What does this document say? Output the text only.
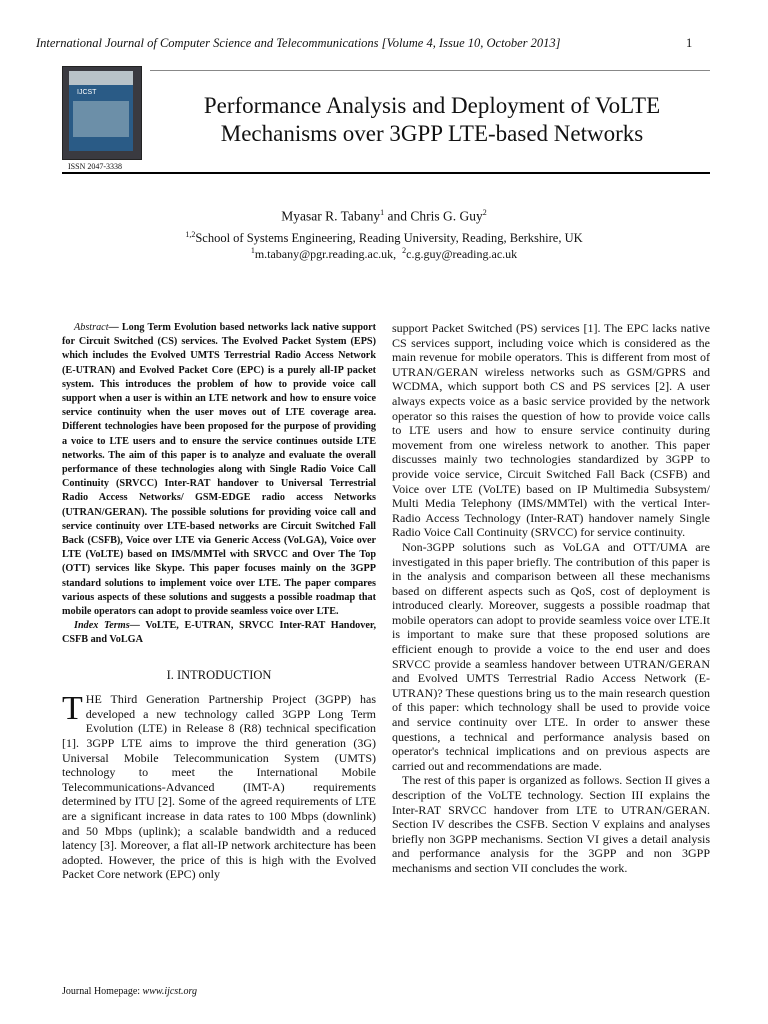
International Journal of Computer Science and Telecommunications [Volume 4, Issue 10, October 2013]	1
IJCST
ISSN 2047-3338
Performance Analysis and Deployment of VoLTE
Mechanisms over 3GPP LTE-based Networks
Myasar R. Tabany$^1$ and Chris G. Guy$^2$
$^{1,2}$School of Systems Engineering, Reading University, Reading, Berkshire, UK
$^1$m.tabany@pgr.reading.ac.uk, $^2$c.g.guy@reading.ac.uk

Abstract— Long Term Evolution based networks lack native support for Circuit Switched (CS) services. The Evolved Packet System (EPS) which includes the Evolved UMTS Terrestrial Radio Access Network (E-UTRAN) and Evolved Packet Core (EPC) is a purely all-IP packet system. This introduces the problem of how to provide voice call support when a user is within an LTE network and how to ensure voice service continuity when the user moves out of LTE coverage area. Different technologies have been proposed for the purpose of providing a voice to LTE users and to ensure the service continues outside LTE networks. The aim of this paper is to analyze and evaluate the overall performance of these technologies along with Single Radio Voice Call Continuity (SRVCC) Inter-RAT handover to Universal Terrestrial Radio Access Networks/ GSM-EDGE radio access Networks (UTRAN/GERAN). The possible solutions for providing voice call and service continuity over LTE-based networks are Circuit Switched Fall Back (CSFB), Voice over LTE via Generic Access (VoLGA), Voice over LTE (VoLTE) based on IMS/MMTel with SRVCC and Over The Top (OTT) services like Skype. This paper focuses mainly on the 3GPP standard solutions to implement voice over LTE. The paper compares various aspects of these solutions and suggests a possible roadmap that mobile operators can adopt to provide seamless voice over LTE.

Index Terms— VoLTE, E-UTRAN, SRVCC Inter-RAT Handover, CSFB and VoLGA

I. INTRODUCTION

THE Third Generation Partnership Project (3GPP) has developed a new technology called 3GPP Long Term Evolution (LTE) in Release 8 (R8) technical specification [1]. 3GPP LTE aims to improve the third generation (3G) Universal Mobile Telecommunication System (UMTS) technology to meet the International Mobile Telecommunications-Advanced (IMT-A) requirements determined by ITU [2]. Some of the agreed requirements of LTE are a significant increase in data rates to 100 Mbps (downlink) and 50 Mbps (uplink); a scalable bandwidth and a reduced latency [3]. Moreover, a flat all-IP network architecture has been adopted. However, the price of this is high with the Evolved Packet Core network (EPC) only

support Packet Switched (PS) services [1]. The EPC lacks native CS services support, including voice which is considered as the main revenue for mobile operators. This is different from most of UTRAN/GERAN wireless networks such as GSM/GPRS and WCDMA, which support both CS and PS services [2]. A user always expects voice as a basic service provided by the network operator so this raises the question of how to provide voice calls to LTE users and how to ensure service continuity during movement from one wireless network to another. This paper discusses mainly two technologies standardized by 3GPP to provide voice service, Circuit Switched Fall Back (CSFB) and Voice over LTE (VoLTE) based on IP Multimedia Subsystem/ Multi Media Telephony (IMS/MMTel) with the vertical Inter- Radio Access Technology (Inter-RAT) handover namely Single Radio Voice Call Continuity (SRVCC) for service continuity.

Non-3GPP solutions such as VoLGA and OTT/UMA are investigated in this paper briefly. The contribution of this paper is in the analysis and comparison between all these mechanisms based on different aspects such as QoS, cost of deployment is introduced clearly. Moreover, suggests a possible roadmap that mobile operators can adopt to provide seamless voice over LTE.It is important to make sure that these proposed solutions are efficient enough to provide a voice to the end user and does SRVCC provide a seamless handover between UTRAN/GERAN and Evolved UMTS Terrestrial Radio Access Network (E-UTRAN)? These questions bring us to the main research question of this paper: which technology shall be used to provide voice and service continuity over LTE. In order to answer these questions, a technical and performance analysis based on operator's technical implications and on previous aspects are carried out and recommendations are made.

The rest of this paper is organized as follows. Section II gives a description of the VoLTE technology. Section III explains the Inter-RAT SRVCC handover from LTE to UTRAN/GERAN. Section IV describes the CSFB. Section V explains and analyses briefly non 3GPP mechanisms. Section VI gives a detail analysis and performance analysis for the 3GPP and non 3GPP mechanisms and section VII concludes the work.

Journal Homepage: www.ijcst.org
